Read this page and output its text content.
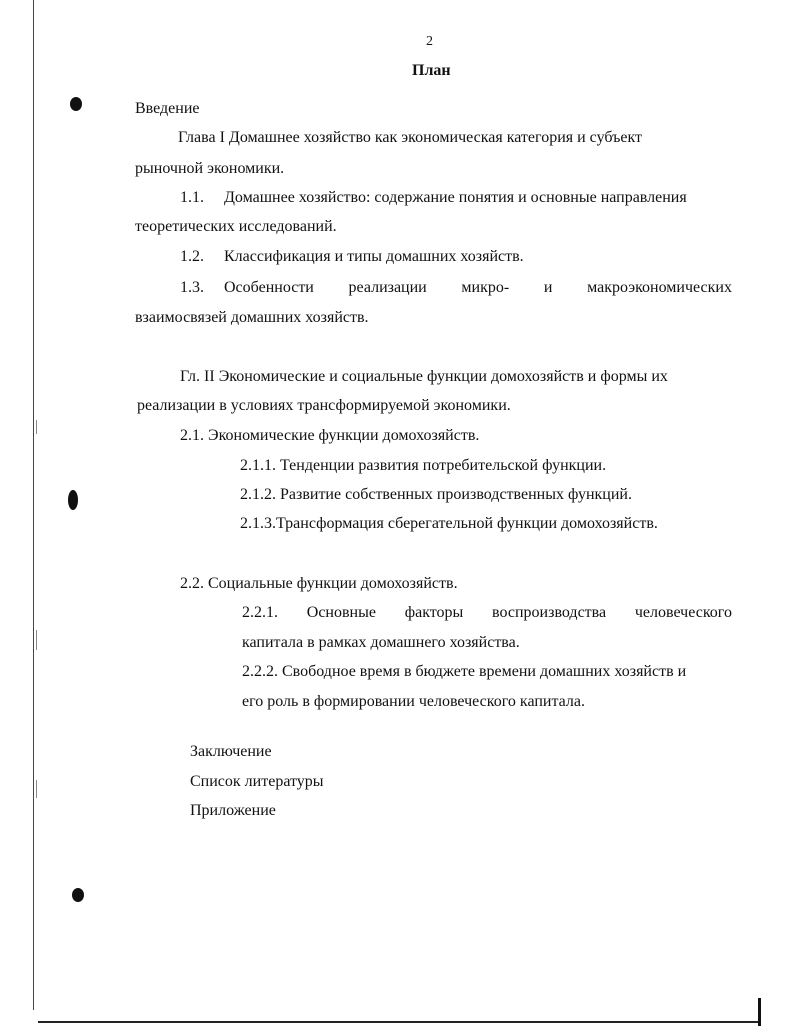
2
План
Введение
Глава I Домашнее хозяйство как экономическая категория и субъект
рыночной экономики.
1.1. Домашнее хозяйство: содержание понятия и основные направления
теоретических исследований.
1.2. Классификация и типы домашних хозяйств.
1.3. Особенности реализации микро- и макроэкономических
взаимосвязей домашних хозяйств.
Гл. II Экономические и социальные функции домохозяйств и формы их
реализации в условиях трансформируемой экономики.
2.1. Экономические функции домохозяйств.
2.1.1. Тенденции развития потребительской функции.
2.1.2. Развитие собственных производственных функций.
2.1.3.Трансформация сберегательной функции домохозяйств.
2.2. Социальные функции домохозяйств.
2.2.1. Основные факторы воспроизводства человеческого
капитала в рамках домашнего хозяйства.
2.2.2. Свободное время в бюджете времени домашних хозяйств и
его роль в формировании человеческого капитала.
Заключение
Список литературы
Приложение
